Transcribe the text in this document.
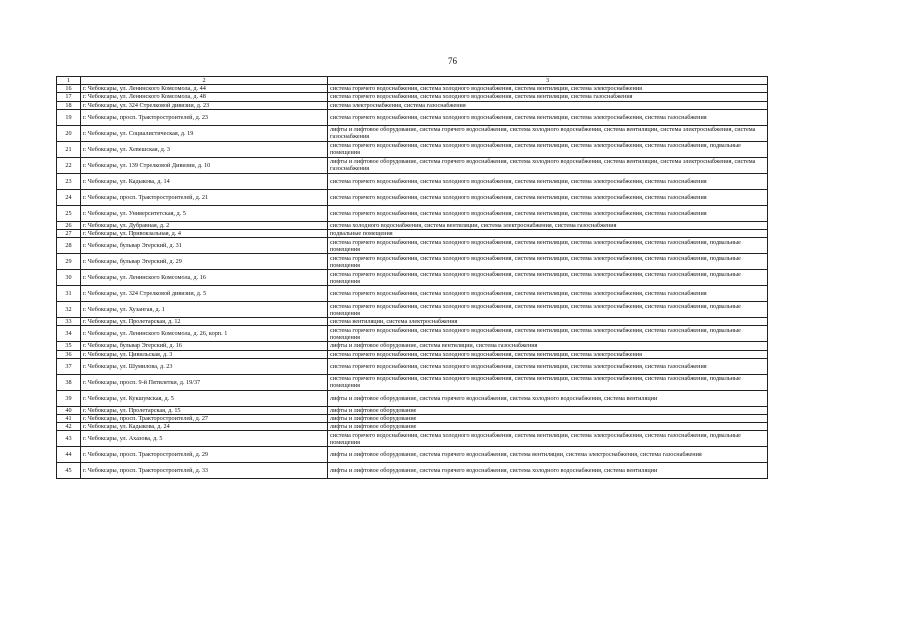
76
1	2	3
16	г. Чебоксары, ул. Ленинского Комсомола, д. 44	система горячего водоснабжения, система холодного водоснабжения, система вентиляции, система электроснабжения
17	г. Чебоксары, ул. Ленинского Комсомола, д. 48	система горячего водоснабжения, система холодного водоснабжения, система вентиляции, система газоснабжения
18	г. Чебоксары, ул. 324 Стрелковой дивизии, д. 23	система электроснабжения, система газоснабжения
19	г. Чебоксары, просп. Тракторостроителей, д. 23	система горячего водоснабжения, система холодного водоснабжения, система вентиляции, система электроснабжения, система газоснабжения
20	г. Чебоксары, ул. Социалистическая, д. 19	лифты и лифтовое оборудование, система горячего водоснабжения, система холодного водоснабжения, система вентиляции, система электроснабжения, система газоснабжения
21	г. Чебоксары, ул. Хевешская, д. 3	система горячего водоснабжения, система холодного водоснабжения, система вентиляции, система электроснабжения, система газоснабжения, подвальные помещения
22	г. Чебоксары, ул. 139 Стрелковой Дивизии, д. 10	лифты и лифтовое оборудование, система горячего водоснабжения, система холодного водоснабжения, система вентиляции, система электроснабжения, система газоснабжения
23	г. Чебоксары, ул. Кадыкова, д. 14	система горячего водоснабжения, система холодного водоснабжения, система вентиляции, система электроснабжения, система газоснабжения
24	г. Чебоксары, просп. Тракторостроителей, д. 21	система горячего водоснабжения, система холодного водоснабжения, система вентиляции, система электроснабжения, система газоснабжения
25	г. Чебоксары, ул. Университетская, д. 5	система горячего водоснабжения, система холодного водоснабжения, система вентиляции, система электроснабжения, система газоснабжения
26	г. Чебоксары, ул. Дубравная, д. 2	система холодного водоснабжения, система вентиляции, система электроснабжения, система газоснабжения
27	г. Чебоксары, ул. Привокзальная, д. 4	подвальные помещения
28	г. Чебоксары, бульвар Эгерский, д. 31	система горячего водоснабжения, система холодного водоснабжения, система вентиляции, система электроснабжения, система газоснабжения, подвальные помещения
29	г. Чебоксары, бульвар Эгерский, д. 29	система горячего водоснабжения, система холодного водоснабжения, система вентиляции, система электроснабжения, система газоснабжения, подвальные помещения
30	г. Чебоксары, ул. Ленинского Комсомола, д. 16	система горячего водоснабжения, система холодного водоснабжения, система вентиляции, система электроснабжения, система газоснабжения, подвальные помещения
31	г. Чебоксары, ул. 324 Стрелковой дивизии, д. 5	система горячего водоснабжения, система холодного водоснабжения, система вентиляции, система электроснабжения, система газоснабжения
32	г. Чебоксары, ул. Хузангая, д. 1	система горячего водоснабжения, система холодного водоснабжения, система вентиляции, система электроснабжения, система газоснабжения, подвальные помещения
33	г. Чебоксары, ул. Пролетарская, д. 12	система вентиляции, система электроснабжения
34	г. Чебоксары, ул. Ленинского Комсомола, д. 26, корп. 1	система горячего водоснабжения, система холодного водоснабжения, система вентиляции, система электроснабжения, система газоснабжения, подвальные помещения
35	г. Чебоксары, бульвар Эгерский, д. 16	лифты и лифтовое оборудование, система вентиляции, система газоснабжения
36	г. Чебоксары, ул. Цивильская, д. 3	система горячего водоснабжения, система холодного водоснабжения, система вентиляции, система электроснабжения
37	г. Чебоксары, ул. Шумилова, д. 23	система горячего водоснабжения, система холодного водоснабжения, система вентиляции, система электроснабжения, система газоснабжения
38	г. Чебоксары, просп. 9-й Пятилетки, д. 19/37	система горячего водоснабжения, система холодного водоснабжения, система вентиляции, система электроснабжения, система газоснабжения, подвальные помещения
39	г. Чебоксары, ул. Кукшумская, д. 5	лифты и лифтовое оборудование, система горячего водоснабжения, система холодного водоснабжения, система вентиляции
40	г. Чебоксары, ул. Пролетарская, д. 15	лифты и лифтовое оборудование
41	г. Чебоксары, просп. Тракторостроителей, д. 27	лифты и лифтовое оборудование
42	г. Чебоксары, ул. Кадыкова, д. 24	лифты и лифтовое оборудование
43	г. Чебоксары, ул. Ахазова, д. 5	система горячего водоснабжения, система холодного водоснабжения, система вентиляции, система электроснабжения, система газоснабжения, подвальные помещения
44	г. Чебоксары, просп. Тракторостроителей, д. 29	лифты и лифтовое оборудование, система горячего водоснабжения, система вентиляции, система электроснабжения, система газоснабжения
45	г. Чебоксары, просп. Тракторостроителей, д. 33	лифты и лифтовое оборудование, система горячего водоснабжения, система холодного водоснабжения, система вентиляции
